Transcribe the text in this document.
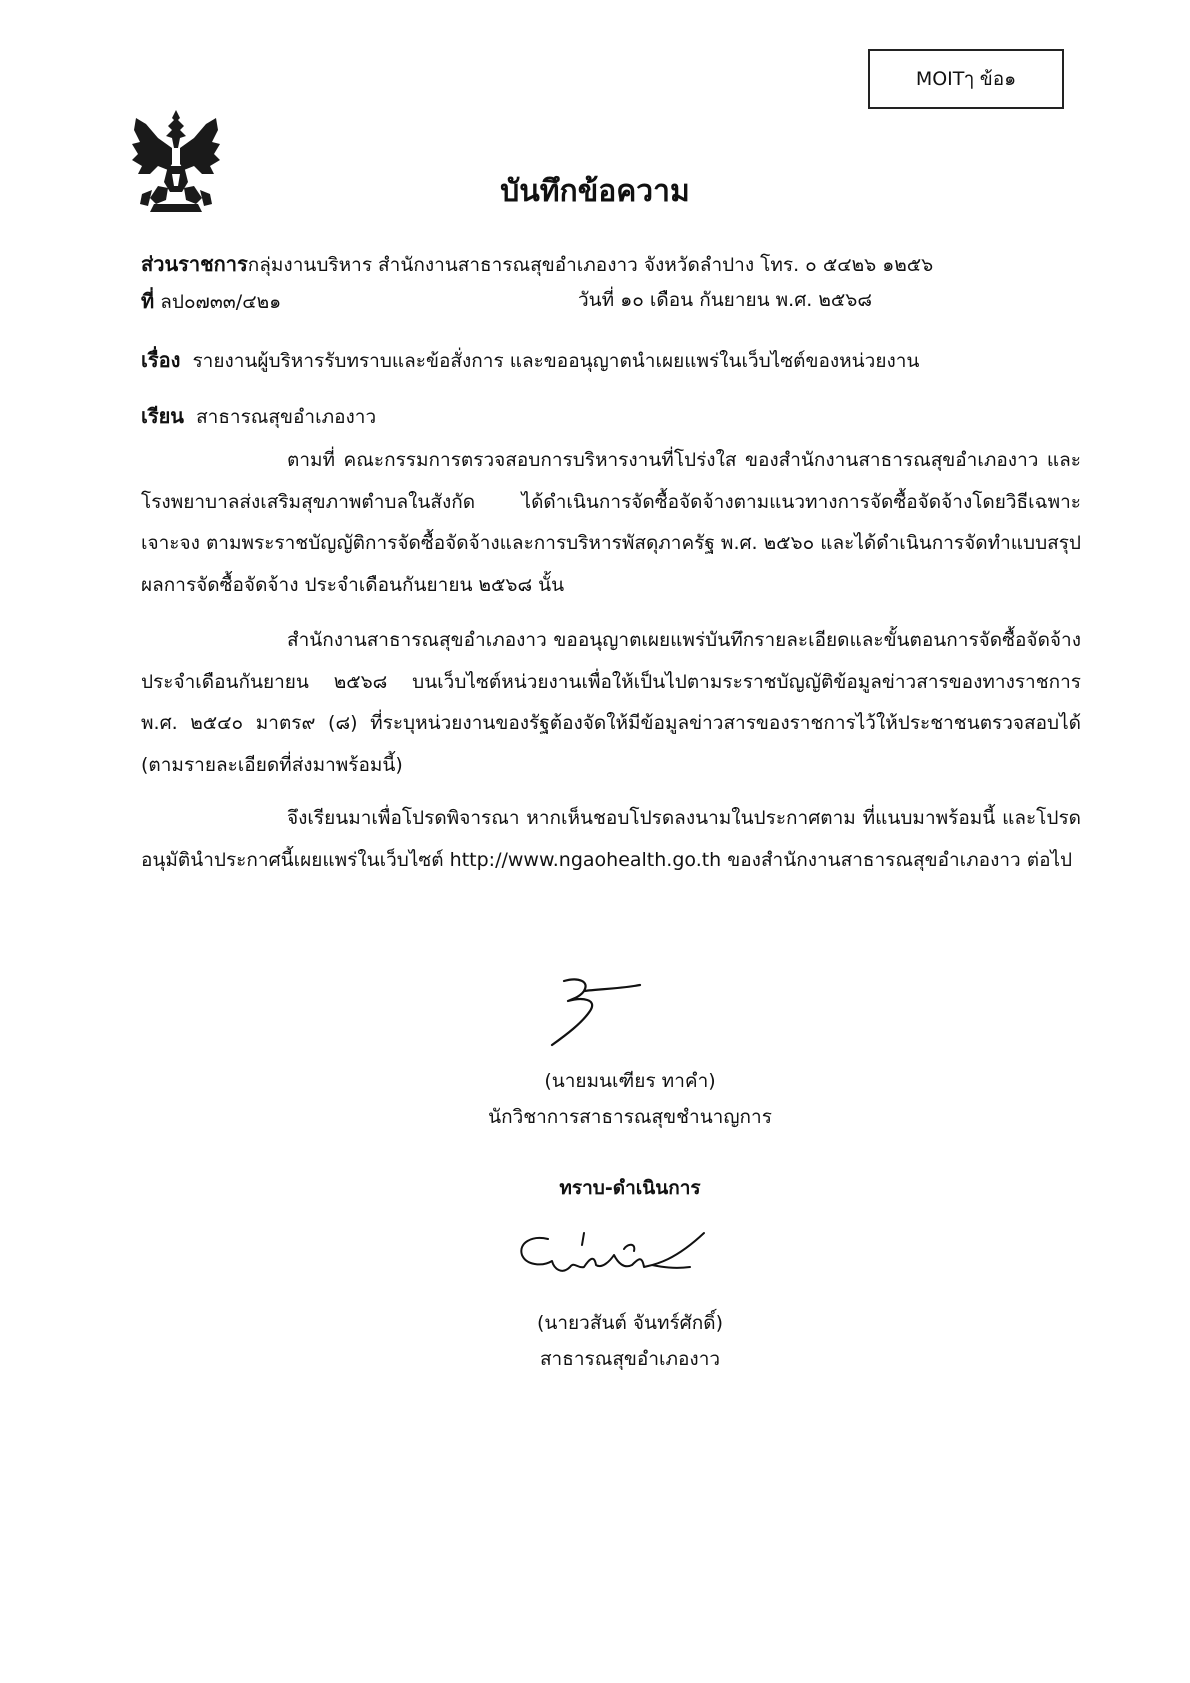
MOITๅ ข้อ๑
บันทึกข้อความ
ส่วนราชการกลุ่มงานบริหาร สำนักงานสาธารณสุขอำเภองาว จังหวัดลำปาง โทร. ๐ ๕๔๒๖ ๑๒๕๖
ที่ ลป๐๗๓๓/๔๒๑	วันที่ ๑๐ เดือน กันยายน พ.ศ. ๒๕๖๘
เรื่อง รายงานผู้บริหารรับทราบและข้อสั่งการ และขออนุญาตนำเผยแพร่ในเว็บไซต์ของหน่วยงาน
เรียน สาธารณสุขอำเภองาว

ตามที่ คณะกรรมการตรวจสอบการบริหารงานที่โปร่งใส ของสำนักงานสาธารณสุขอำเภองาว และโรงพยาบาลส่งเสริมสุขภาพตำบลในสังกัด ได้ดำเนินการจัดซื้อจัดจ้างตามแนวทางการจัดซื้อจัดจ้างโดยวิธีเฉพาะเจาะจง ตามพระราชบัญญัติการจัดซื้อจัดจ้างและการบริหารพัสดุภาครัฐ พ.ศ. ๒๕๖๐ และได้ดำเนินการจัดทำแบบสรุปผลการจัดซื้อจัดจ้าง ประจำเดือนกันยายน ๒๕๖๘ นั้น

สำนักงานสาธารณสุขอำเภองาว ขออนุญาตเผยแพร่บันทึกรายละเอียดและขั้นตอนการจัดซื้อจัดจ้าง ประจำเดือนกันยายน ๒๕๖๘ บนเว็บไซต์หน่วยงานเพื่อให้เป็นไปตามระราชบัญญัติข้อมูลข่าวสารของทางราชการ พ.ศ. ๒๕๔๐ มาตร๙ (๘) ที่ระบุหน่วยงานของรัฐต้องจัดให้มีข้อมูลข่าวสารของราชการไว้ให้ประชาชนตรวจสอบได้ (ตามรายละเอียดที่ส่งมาพร้อมนี้)

จึงเรียนมาเพื่อโปรดพิจารณา หากเห็นชอบโปรดลงนามในประกาศตาม ที่แนบมาพร้อมนี้ และโปรดอนุมัตินำประกาศนี้เผยแพร่ในเว็บไซต์ http://www.ngaohealth.go.th ของสำนักงานสาธารณสุขอำเภองาว ต่อไป

(นายมนเฑียร ทาคำ)
นักวิชาการสาธารณสุขชำนาญการ
ทราบ-ดำเนินการ
(นายวสันต์ จันทร์ศักดิ์)
สาธารณสุขอำเภองาว
